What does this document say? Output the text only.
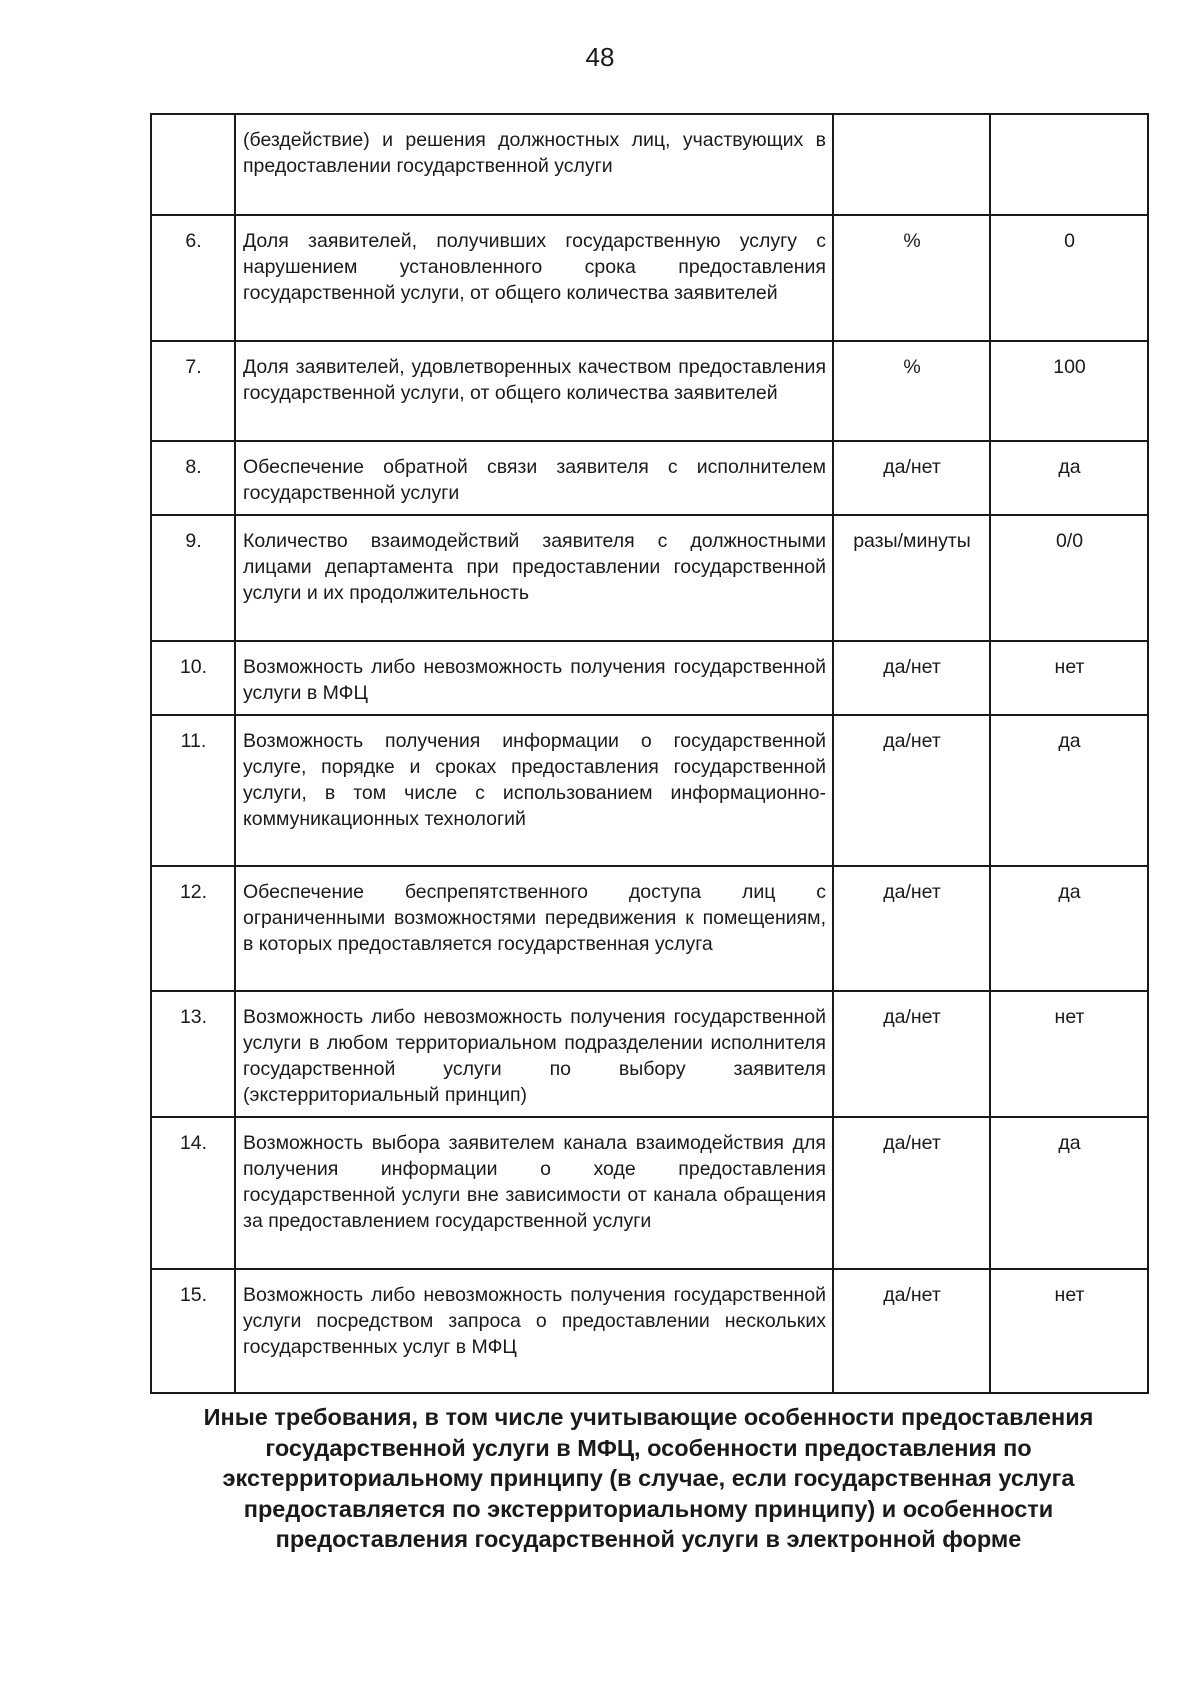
48
	(бездействие) и решения должностных лиц, участвующих в предоставлении государственной услуги		
6.	Доля заявителей, получивших государственную услугу с нарушением установленного срока предоставления государственной услуги, от общего количества заявителей	%	0
7.	Доля заявителей, удовлетворенных качеством предоставления государственной услуги, от общего количества заявителей	%	100
8.	Обеспечение обратной связи заявителя с исполнителем государственной услуги	да/нет	да
9.	Количество взаимодействий заявителя с должностными лицами департамента при предоставлении государственной услуги и их продолжительность	разы/минуты	0/0
10.	Возможность либо невозможность получения государственной услуги в МФЦ	да/нет	нет
11.	Возможность получения информации о государственной услуге, порядке и сроках предоставления государственной услуги, в том числе с использованием информационно-коммуникационных технологий	да/нет	да
12.	Обеспечение беспрепятственного доступа лиц с ограниченными возможностями передвижения к помещениям, в которых предоставляется государственная услуга	да/нет	да
13.	Возможность либо невозможность получения государственной услуги в любом территориальном подразделении исполнителя государственной услуги по выбору заявителя (экстерриториальный принцип)	да/нет	нет
14.	Возможность выбора заявителем канала взаимодействия для получения информации о ходе предоставления государственной услуги вне зависимости от канала обращения за предоставлением государственной услуги	да/нет	да
15.	Возможность либо невозможность получения государственной услуги посредством запроса о предоставлении нескольких государственных услуг в МФЦ	да/нет	нет
Иные требования, в том числе учитывающие особенности предоставления государственной услуги в МФЦ, особенности предоставления по экстерриториальному принципу (в случае, если государственная услуга предоставляется по экстерриториальному принципу) и особенности предоставления государственной услуги в электронной форме
